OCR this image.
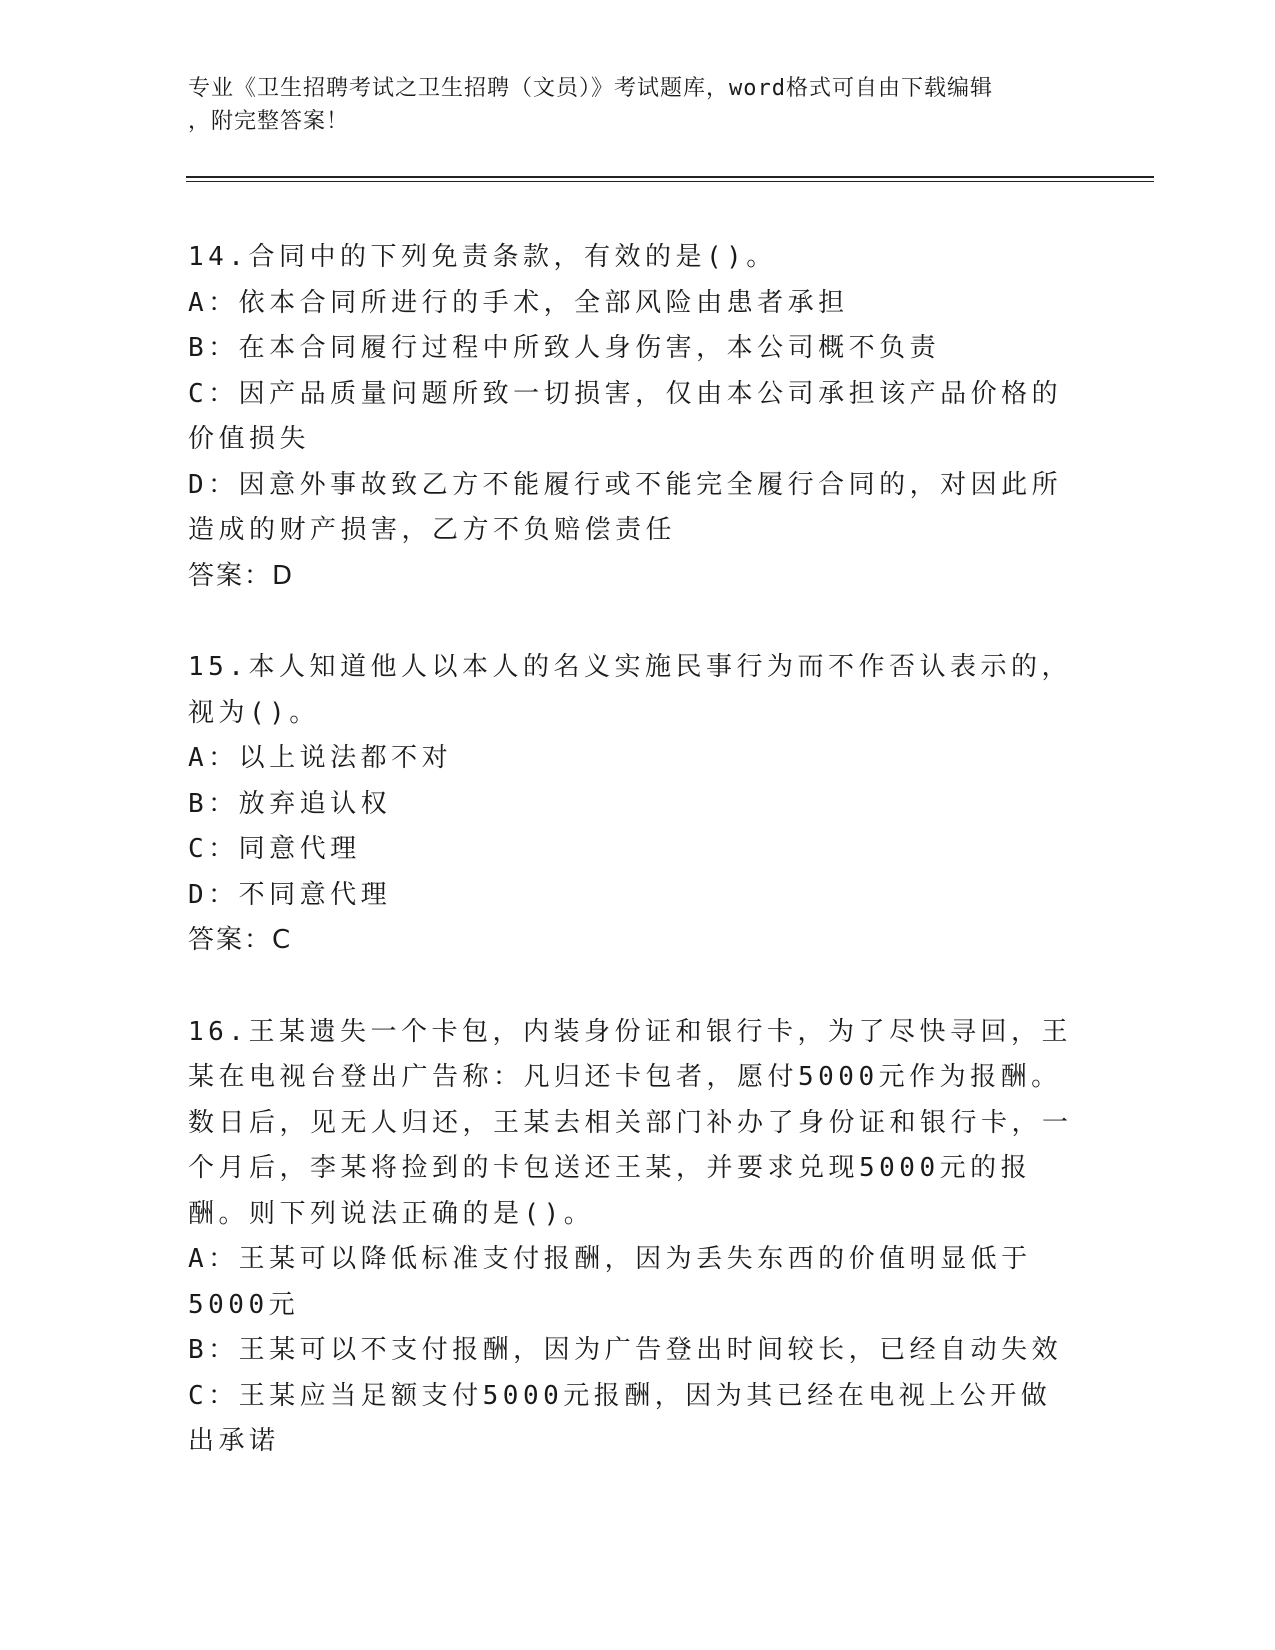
专业《卫生招聘考试之卫生招聘（文员）》考试题库，word格式可自由下载编辑
，附完整答案！
14.合同中的下列免责条款，有效的是()。
A：依本合同所进行的手术，全部风险由患者承担
B：在本合同履行过程中所致人身伤害，本公司概不负责
C：因产品质量问题所致一切损害，仅由本公司承担该产品价格的价值损失
D：因意外事故致乙方不能履行或不能完全履行合同的，对因此所造成的财产损害，乙方不负赔偿责任
答案：D
15.本人知道他人以本人的名义实施民事行为而不作否认表示的，视为()。
A：以上说法都不对
B：放弃追认权
C：同意代理
D：不同意代理
答案：C
16.王某遗失一个卡包，内装身份证和银行卡，为了尽快寻回，王某在电视台登出广告称：凡归还卡包者，愿付5000元作为报酬。数日后，见无人归还，王某去相关部门补办了身份证和银行卡，一个月后，李某将捡到的卡包送还王某，并要求兑现5000元的报酬。则下列说法正确的是()。
A：王某可以降低标准支付报酬，因为丢失东西的价值明显低于5000元
B：王某可以不支付报酬，因为广告登出时间较长，已经自动失效
C：王某应当足额支付5000元报酬，因为其已经在电视上公开做出承诺
